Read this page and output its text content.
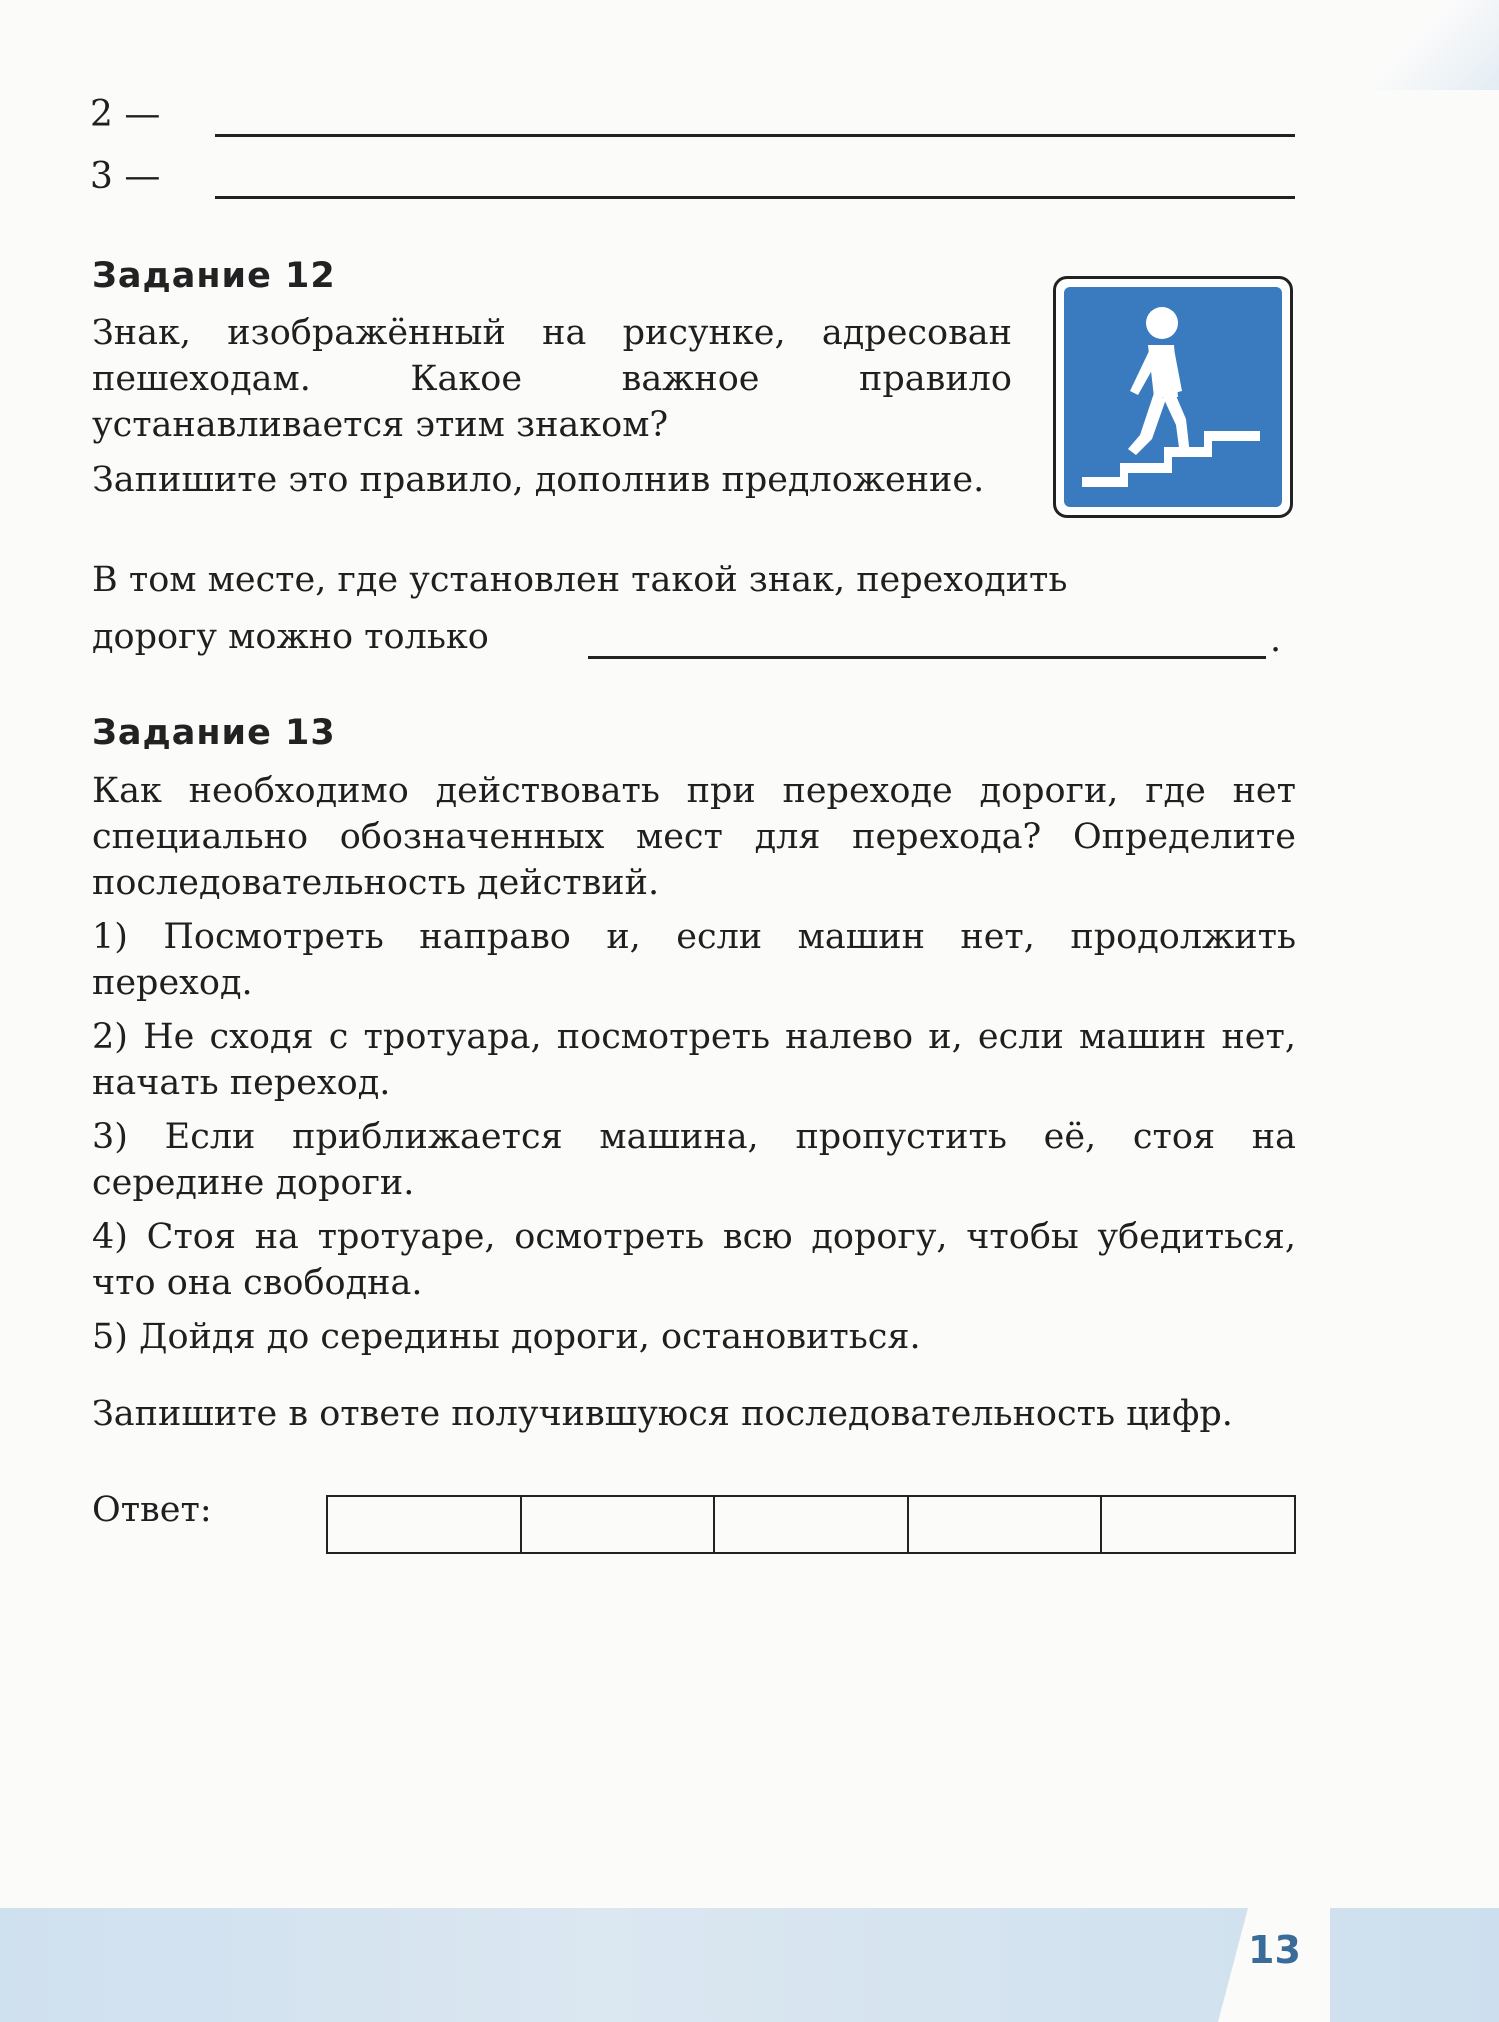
2 —
3 —
Задание 12
Знак, изображённый на рисунке, адресован пешеходам. Какое важное правило устанавливается этим знаком?
Запишите это правило, дополнив предложение.
В том месте, где установлен такой знак, переходить
дорогу можно только	.
Задание 13
Как необходимо действовать при переходе дороги, где нет специально обозначенных мест для перехода? Определите последовательность действий.
1) Посмотреть направо и, если машин нет, продолжить переход.
2) Не сходя с тротуара, посмотреть налево и, если машин нет, начать переход.
3) Если приближается машина, пропустить её, стоя на середине дороги.
4) Стоя на тротуаре, осмотреть всю дорогу, чтобы убедиться, что она свободна.
5) Дойдя до середины дороги, остановиться.
Запишите в ответе получившуюся последовательность цифр.
Ответ:
13
